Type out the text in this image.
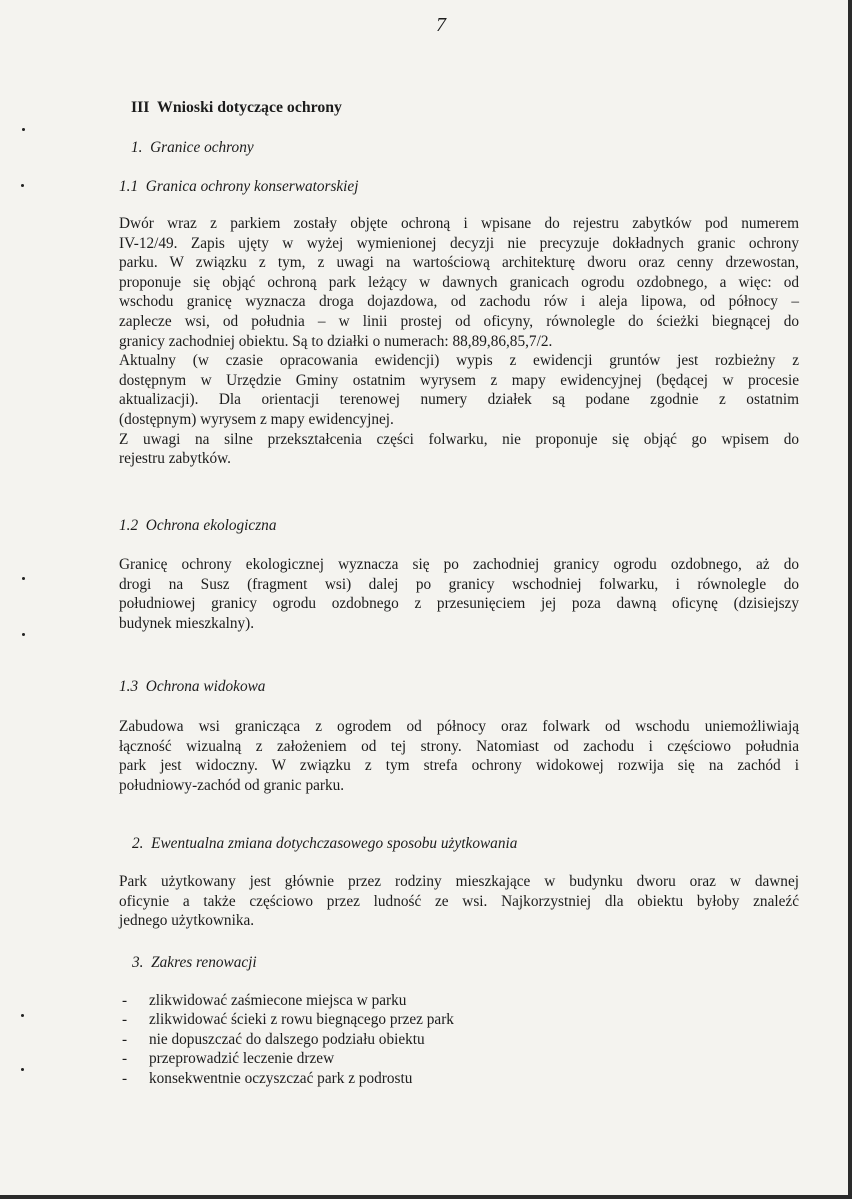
7
III  Wnioski dotyczące ochrony
1.  Granice ochrony
1.1  Granica ochrony konserwatorskiej
Dwór wraz z parkiem zostały objęte ochroną i wpisane do rejestru zabytków pod numerem
IV-12/49. Zapis ujęty w wyżej wymienionej decyzji nie precyzuje dokładnych granic ochrony
parku. W związku z tym, z uwagi na wartościową architekturę dworu oraz cenny drzewostan,
proponuje się objąć ochroną park leżący w dawnych granicach ogrodu ozdobnego, a więc: od
wschodu granicę wyznacza droga dojazdowa, od zachodu rów i aleja lipowa, od północy –
zaplecze wsi, od południa – w linii prostej od oficyny, równolegle do ścieżki biegnącej do
granicy zachodniej obiektu. Są to działki o numerach: 88,89,86,85,7/2.
Aktualny (w czasie opracowania ewidencji) wypis z ewidencji gruntów jest rozbieżny z
dostępnym w Urzędzie Gminy ostatnim wyrysem z mapy ewidencyjnej (będącej w procesie
aktualizacji). Dla orientacji terenowej numery działek są podane zgodnie z ostatnim
(dostępnym) wyrysem z mapy ewidencyjnej.
Z uwagi na silne przekształcenia części folwarku, nie proponuje się objąć go wpisem do
rejestru zabytków.
1.2  Ochrona ekologiczna
Granicę ochrony ekologicznej wyznacza się po zachodniej granicy ogrodu ozdobnego, aż do
drogi na Susz (fragment wsi) dalej po granicy wschodniej folwarku, i równolegle do
południowej granicy ogrodu ozdobnego z przesunięciem jej poza dawną oficynę (dzisiejszy
budynek mieszkalny).
1.3  Ochrona widokowa
Zabudowa wsi granicząca z ogrodem od północy oraz folwark od wschodu uniemożliwiają
łączność wizualną z założeniem od tej strony. Natomiast od zachodu i częściowo południa
park jest widoczny. W związku z tym strefa ochrony widokowej rozwija się na zachód i
południowy-zachód od granic parku.
2.  Ewentualna zmiana dotychczasowego sposobu użytkowania
Park użytkowany jest głównie przez rodziny mieszkające w budynku dworu oraz w dawnej
oficynie a także częściowo przez ludność ze wsi. Najkorzystniej dla obiektu byłoby znaleźć
jednego użytkownika.
3.  Zakres renowacji
- zlikwidować zaśmiecone miejsca w parku
- zlikwidować ścieki z rowu biegnącego przez park
- nie dopuszczać do dalszego podziału obiektu
- przeprowadzić leczenie drzew
- konsekwentnie oczyszczać park z podrostu
